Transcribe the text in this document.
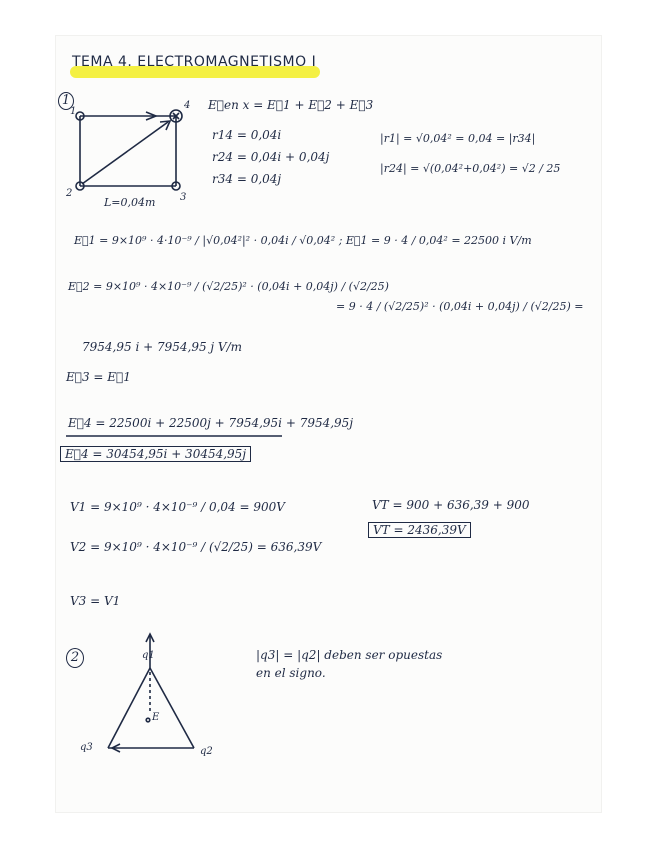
TEMA 4. ELECTROMAGNETISMO I
1
1
4
2	3
L=0,04m
E⃗en x = E⃗1 + E⃗2 + E⃗3
r14 = 0,04i
r24 = 0,04i + 0,04j
r34 = 0,04j
|r1| = √0,04² = 0,04 = |r34|
|r24| = √(0,04²+0,04²) = √2 / 25
E⃗1 = 9×10⁹ · 4·10⁻⁹ / |√0,04²|² · 0,04i / √0,04² ; E⃗1 = 9 · 4 / 0,04² = 22500 i V/m
E⃗2 = 9×10⁹ · 4×10⁻⁹ / (√2/25)² · (0,04i + 0,04j) / (√2/25)
= 9 · 4 / (√2/25)² · (0,04i + 0,04j) / (√2/25) =
7954,95 i + 7954,95 j V/m
E⃗3 = E⃗1
E⃗4 = 22500i + 22500j + 7954,95i + 7954,95j
E⃗4 = 30454,95i + 30454,95j
V1 = 9×10⁹ · 4×10⁻⁹ / 0,04 = 900V
V2 = 9×10⁹ · 4×10⁻⁹ / (√2/25) = 636,39V
V3 = V1
VT = 900 + 636,39 + 900
VT = 2436,39V
2	q1
q2
q3
E
|q3| = |q2| deben ser opuestas
en el signo.
